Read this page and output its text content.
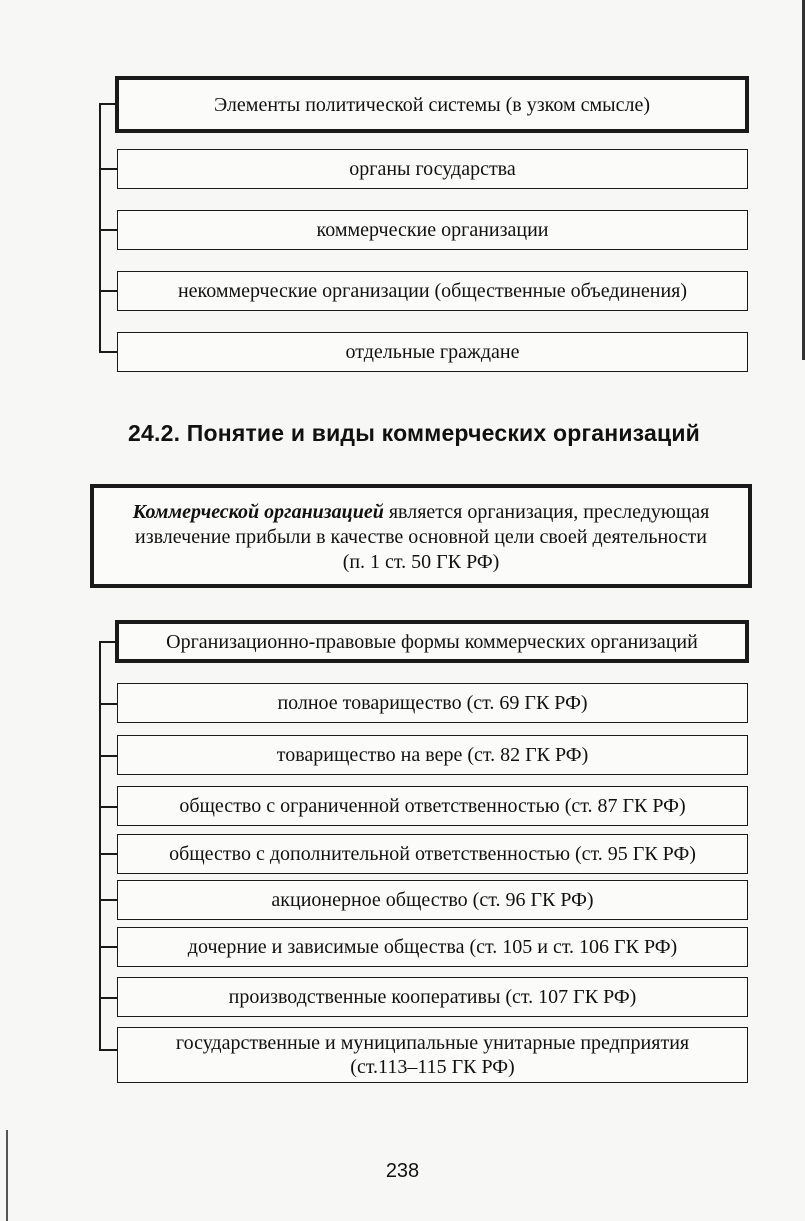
Элементы политической системы (в узком смысле)
органы государства
коммерческие организации
некоммерческие организации (общественные объединения)
отдельные граждане
24.2. Понятие и виды коммерческих организаций
Коммерческой организацией является организация, преследующая
извлечение прибыли в качестве основной цели своей деятельности
(п. 1 ст. 50 ГК РФ)
Организационно-правовые формы коммерческих организаций
полное товарищество (ст. 69 ГК РФ)
товарищество на вере (ст. 82 ГК РФ)
общество с ограниченной ответственностью (ст. 87 ГК РФ)
общество с дополнительной ответственностью (ст. 95 ГК РФ)
акционерное общество (ст. 96 ГК РФ)
дочерние и зависимые общества (ст. 105 и ст. 106 ГК РФ)
производственные кооперативы (ст. 107 ГК РФ)
государственные и муниципальные унитарные предприятия
(ст.113–115 ГК РФ)
238
